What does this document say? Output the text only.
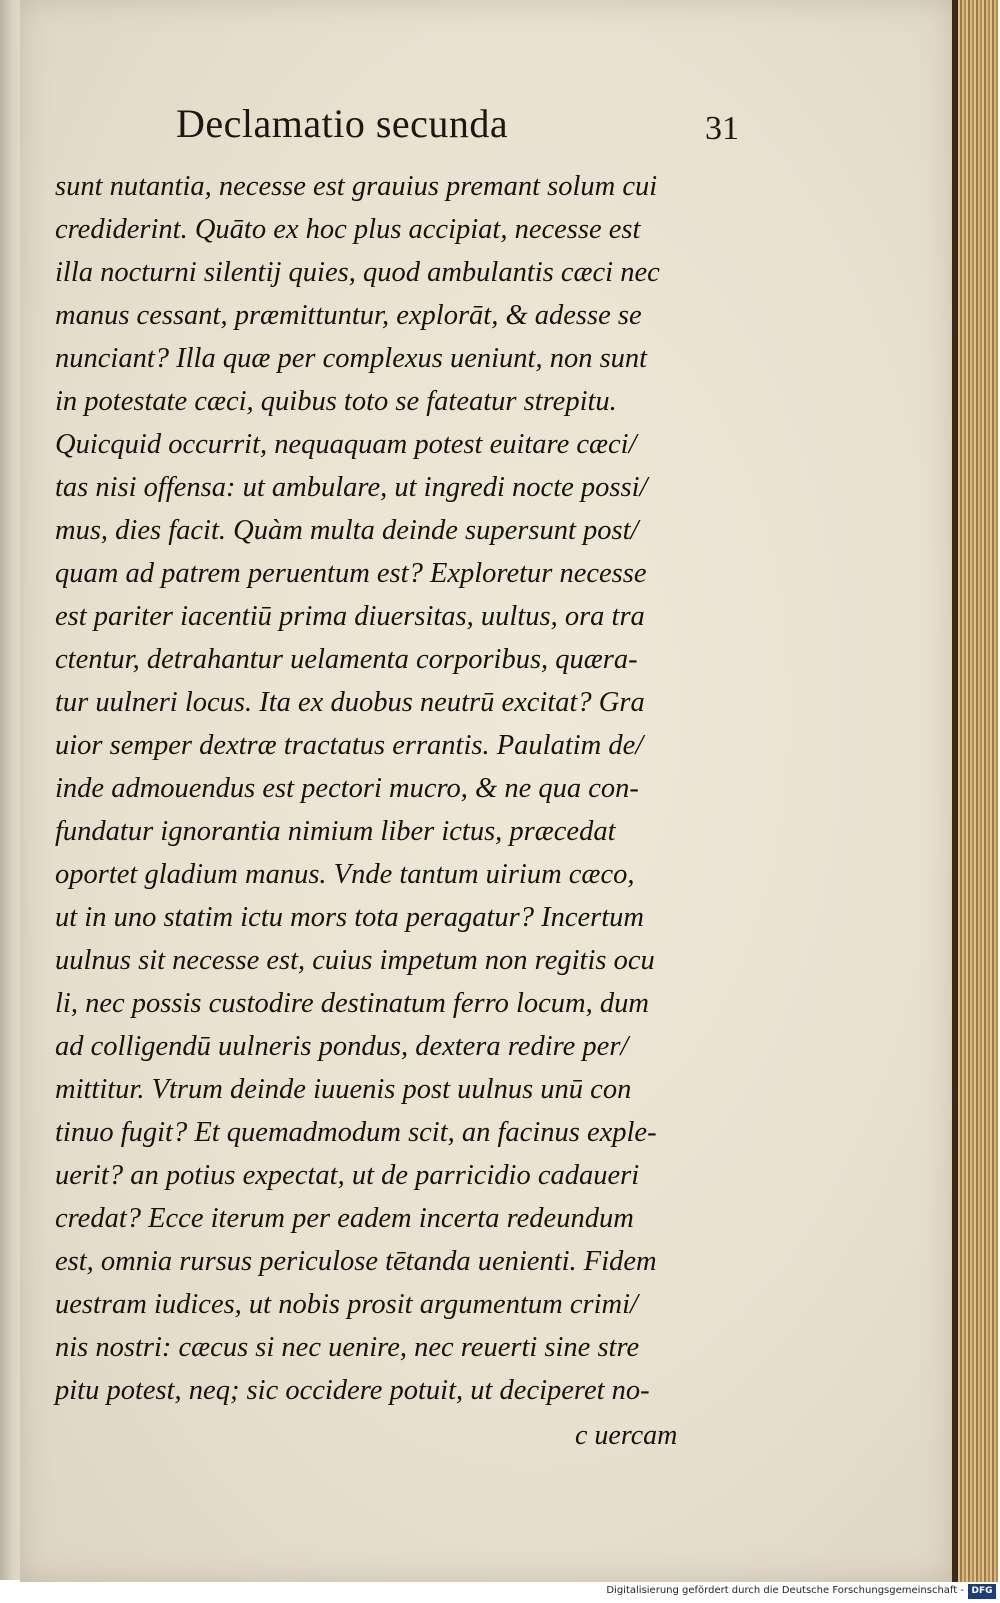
Declamatio secunda	31
sunt nutantia, necesse est grauius premant solum cui
crediderint. Quāto ex hoc plus accipiat, necesse est
illa nocturni silentij quies, quod ambulantis cæci nec
manus cessant, præmittuntur, explorāt, & adesse se
nunciant? Illa quæ per complexus ueniunt, non sunt
in potestate cæci, quibus toto se fateatur strepitu.
Quicquid occurrit, nequaquam potest euitare cæci/
tas nisi offensa: ut ambulare, ut ingredi nocte possi/
mus, dies facit. Quàm multa deinde supersunt post/
quam ad patrem peruentum est? Exploretur necesse
est pariter iacentiū prima diuersitas, uultus, ora tra
ctentur, detrahantur uelamenta corporibus, quæra-
tur uulneri locus. Ita ex duobus neutrū excitat? Gra
uior semper dextræ tractatus errantis. Paulatim de/
inde admouendus est pectori mucro, & ne qua con-
fundatur ignorantia nimium liber ictus, præcedat
oportet gladium manus. Vnde tantum uirium cæco,
ut in uno statim ictu mors tota peragatur? Incertum
uulnus sit necesse est, cuius impetum non regitis ocu
li, nec possis custodire destinatum ferro locum, dum
ad colligendū uulneris pondus, dextera redire per/
mittitur. Vtrum deinde iuuenis post uulnus unū con
tinuo fugit? Et quemadmodum scit, an facinus exple-
uerit? an potius expectat, ut de parricidio cadaueri
credat? Ecce iterum per eadem incerta redeundum
est, omnia rursus periculose tētanda uenienti. Fidem
uestram iudices, ut nobis prosit argumentum crimi/
nis nostri: cæcus si nec uenire, nec reuerti sine stre
pitu potest, neq; sic occidere potuit, ut deciperet no-
c uercam
Digitalisierung gefördert durch die Deutsche Forschungsgemeinschaft - DFG
